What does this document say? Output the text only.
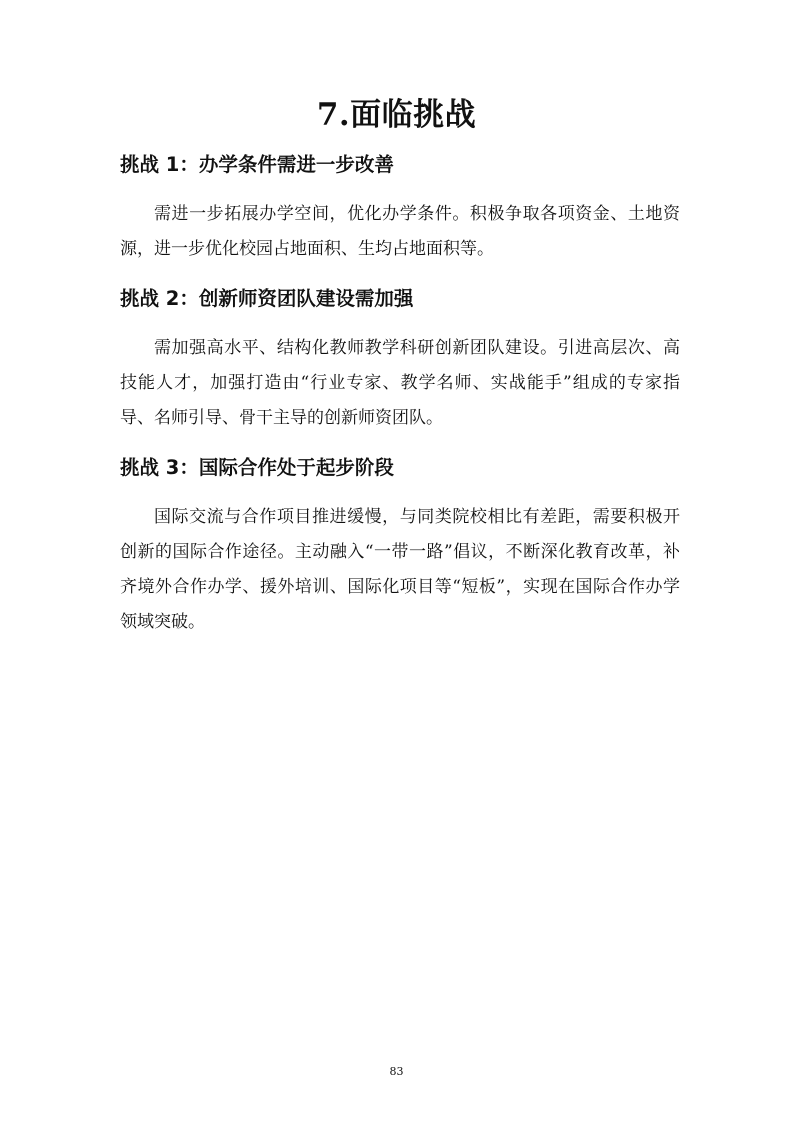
7.面临挑战
挑战 1：办学条件需进一步改善

需进一步拓展办学空间，优化办学条件。积极争取各项资金、土地资源，进一步优化校园占地面积、生均占地面积等。

挑战 2：创新师资团队建设需加强

需加强高水平、结构化教师教学科研创新团队建设。引进高层次、高技能人才，加强打造由“行业专家、教学名师、实战能手”组成的专家指导、名师引导、骨干主导的创新师资团队。

挑战 3：国际合作处于起步阶段

国际交流与合作项目推进缓慢，与同类院校相比有差距，需要积极开创新的国际合作途径。主动融入“一带一路”倡议，不断深化教育改革，补齐境外合作办学、援外培训、国际化项目等“短板”，实现在国际合作办学领域突破。

83
